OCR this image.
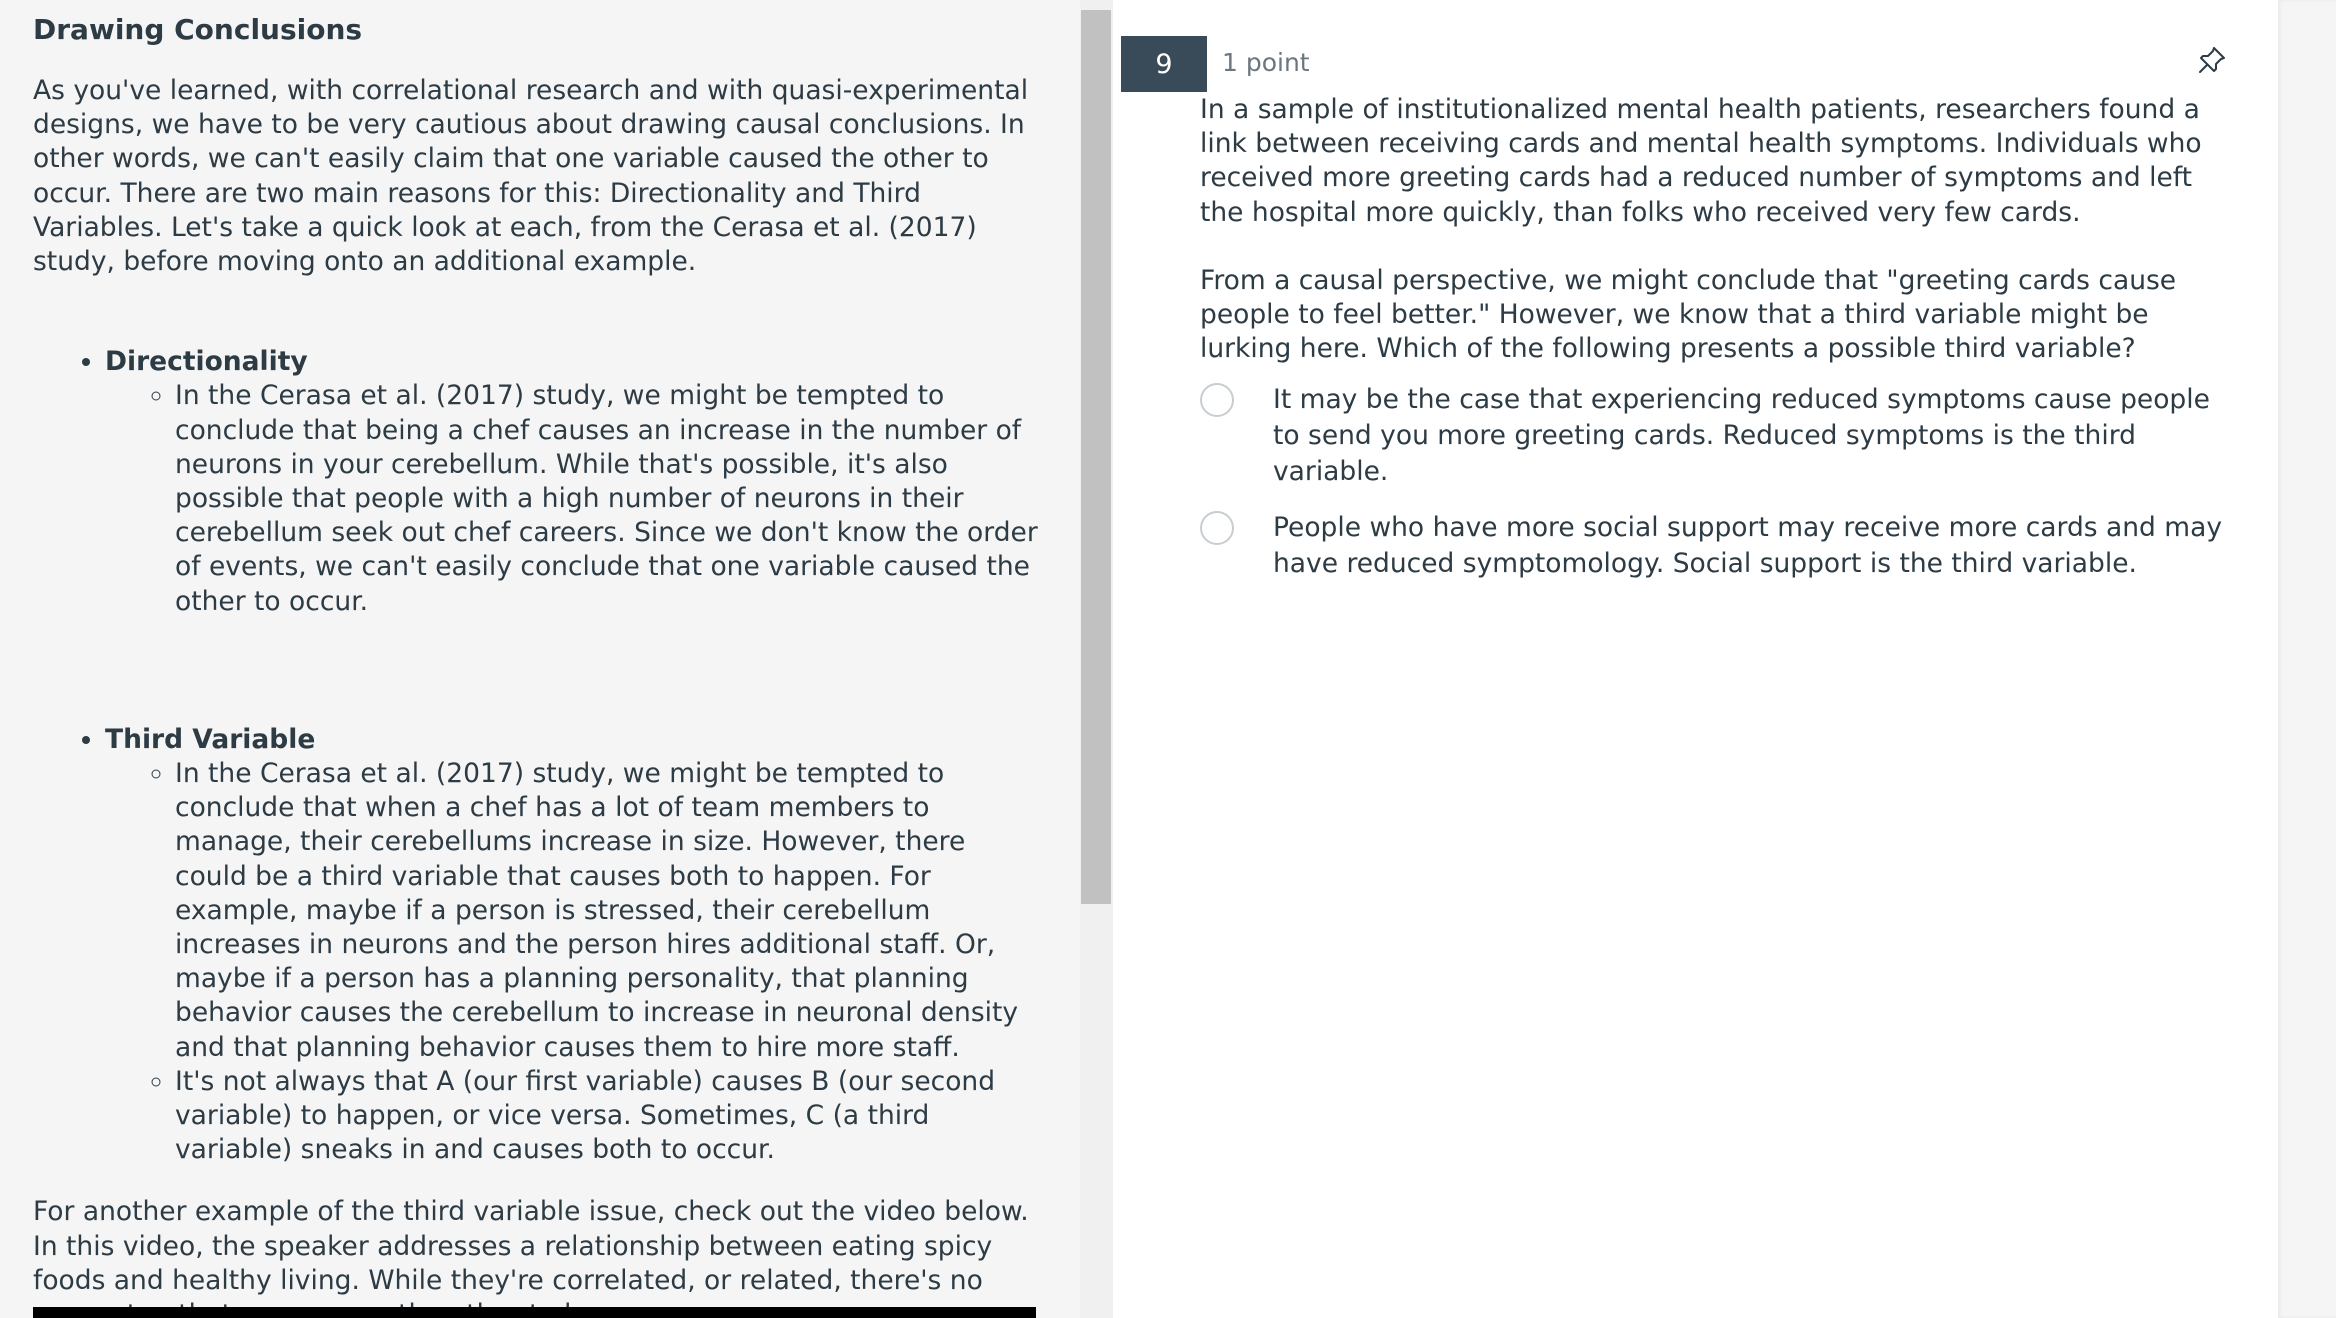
Drawing Conclusions

As you've learned, with correlational research and with quasi-experimental designs, we have to be very cautious about drawing causal conclusions. In other words, we can't easily claim that one variable caused the other to occur. There are two main reasons for this: Directionality and Third Variables. Let's take a quick look at each, from the Cerasa et al. (2017) study, before moving onto an additional example.

• Directionality
◦ In the Cerasa et al. (2017) study, we might be tempted to conclude that being a chef causes an increase in the number of neurons in your cerebellum. While that's possible, it's also possible that people with a high number of neurons in their cerebellum seek out chef careers. Since we don't know the order of events, we can't easily conclude that one variable caused the other to occur.
• Third Variable
◦ In the Cerasa et al. (2017) study, we might be tempted to conclude that when a chef has a lot of team members to manage, their cerebellums increase in size. However, there could be a third variable that causes both to happen. For example, maybe if a person is stressed, their cerebellum increases in neurons and the person hires additional staff. Or, maybe if a person has a planning personality, that planning behavior causes the cerebellum to increase in neuronal density and that planning behavior causes them to hire more staff.
◦ It's not always that A (our first variable) causes B (our second variable) to happen, or vice versa. Sometimes, C (a third variable) sneaks in and causes both to occur.

For another example of the third variable issue, check out the video below. In this video, the speaker addresses a relationship between eating spicy foods and healthy living. While they're correlated, or related, there's no

9	1 point

In a sample of institutionalized mental health patients, researchers found a link between receiving cards and mental health symptoms. Individuals who received more greeting cards had a reduced number of symptoms and left the hospital more quickly, than folks who received very few cards.

From a causal perspective, we might conclude that "greeting cards cause people to feel better." However, we know that a third variable might be lurking here. Which of the following presents a possible third variable?

It may be the case that experiencing reduced symptoms cause people to send you more greeting cards. Reduced symptoms is the third variable.
People who have more social support may receive more cards and may have reduced symptomology. Social support is the third variable.
